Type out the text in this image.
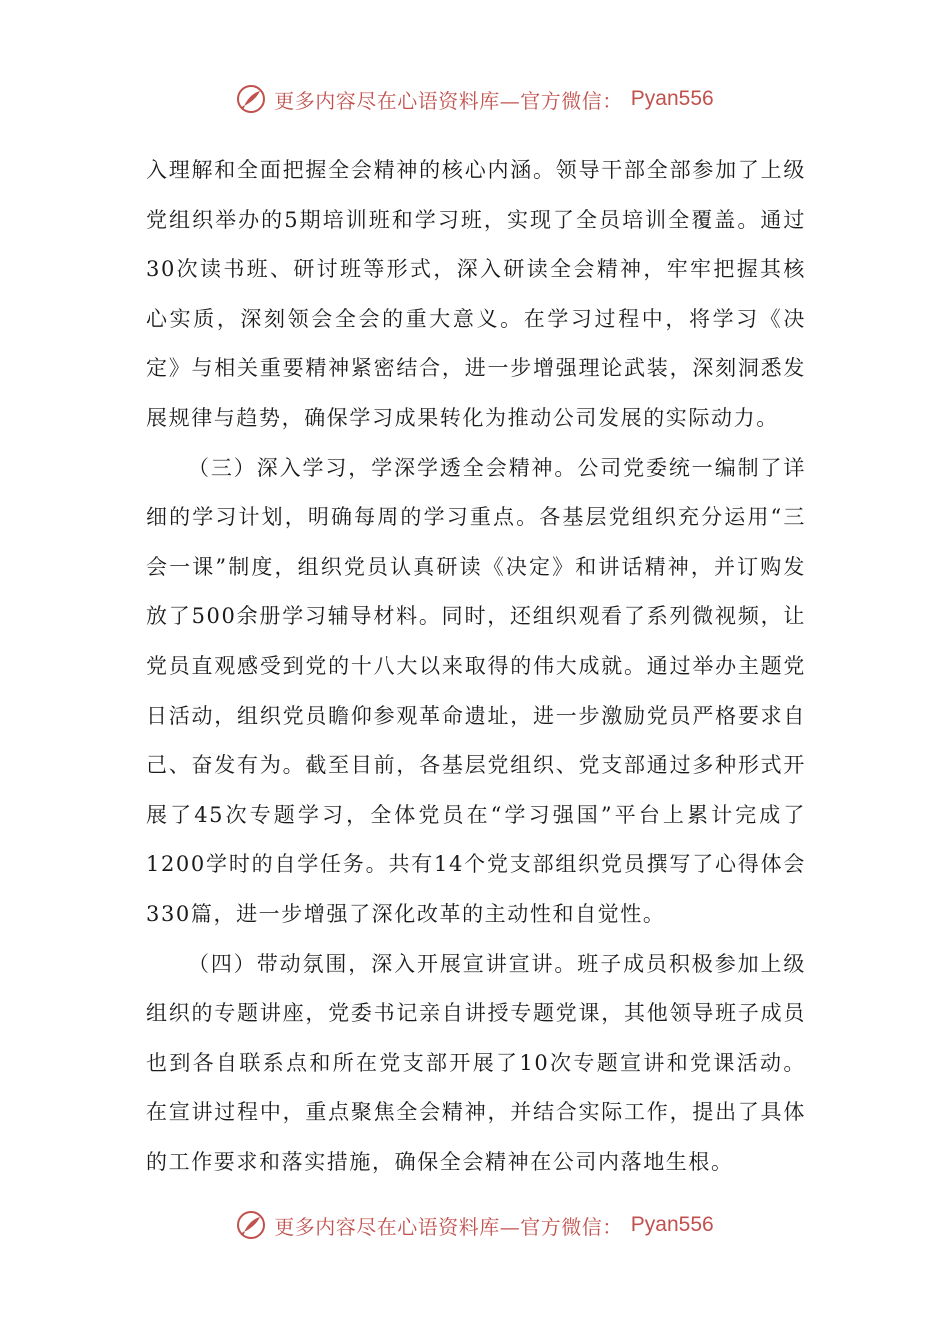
更多内容尽在心语资料库—官方微信： Pyan556

入理解和全面把握全会精神的核心内涵。领导干部全部参加了上级党组织举办的5期培训班和学习班，实现了全员培训全覆盖。通过30次读书班、研讨班等形式，深入研读全会精神，牢牢把握其核心实质，深刻领会全会的重大意义。在学习过程中，将学习《决定》与相关重要精神紧密结合，进一步增强理论武装，深刻洞悉发展规律与趋势，确保学习成果转化为推动公司发展的实际动力。

（三）深入学习，学深学透全会精神。公司党委统一编制了详细的学习计划，明确每周的学习重点。各基层党组织充分运用“三会一课”制度，组织党员认真研读《决定》和讲话精神，并订购发放了500余册学习辅导材料。同时，还组织观看了系列微视频，让党员直观感受到党的十八大以来取得的伟大成就。通过举办主题党日活动，组织党员瞻仰参观革命遗址，进一步激励党员严格要求自己、奋发有为。截至目前，各基层党组织、党支部通过多种形式开展了45次专题学习，全体党员在“学习强国”平台上累计完成了1200学时的自学任务。共有14个党支部组织党员撰写了心得体会330篇，进一步增强了深化改革的主动性和自觉性。

（四）带动氛围，深入开展宣讲宣讲。班子成员积极参加上级组织的专题讲座，党委书记亲自讲授专题党课，其他领导班子成员也到各自联系点和所在党支部开展了10次专题宣讲和党课活动。在宣讲过程中，重点聚焦全会精神，并结合实际工作，提出了具体的工作要求和落实措施，确保全会精神在公司内落地生根。

更多内容尽在心语资料库—官方微信： Pyan556
